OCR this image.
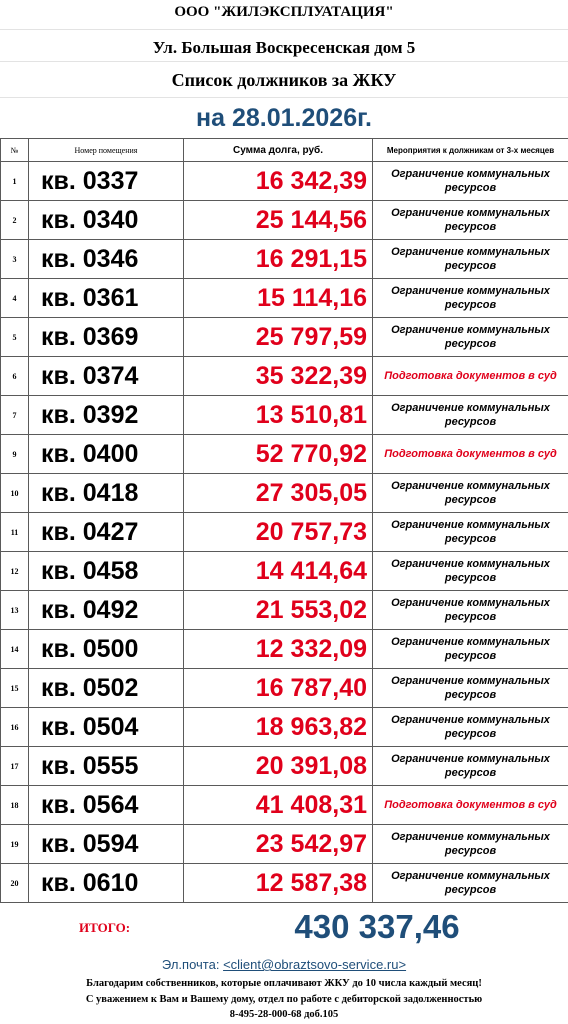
ООО "ЖИЛЭКСПЛУАТАЦИЯ"
Ул. Большая Воскресенская дом 5
Список должников за ЖКУ
на 28.01.2026г.
№	Номер помещения	Сумма долга, руб.	Мероприятия к должникам от 3-х месяцев
1	кв. 0337	16 342,39	Ограничение коммунальных ресурсов
2	кв. 0340	25 144,56	Ограничение коммунальных ресурсов
3	кв. 0346	16 291,15	Ограничение коммунальных ресурсов
4	кв. 0361	15 114,16	Ограничение коммунальных ресурсов
5	кв. 0369	25 797,59	Ограничение коммунальных ресурсов
6	кв. 0374	35 322,39	Подготовка документов в суд
7	кв. 0392	13 510,81	Ограничение коммунальных ресурсов
9	кв. 0400	52 770,92	Подготовка документов в суд
10	кв. 0418	27 305,05	Ограничение коммунальных ресурсов
11	кв. 0427	20 757,73	Ограничение коммунальных ресурсов
12	кв. 0458	14 414,64	Ограничение коммунальных ресурсов
13	кв. 0492	21 553,02	Ограничение коммунальных ресурсов
14	кв. 0500	12 332,09	Ограничение коммунальных ресурсов
15	кв. 0502	16 787,40	Ограничение коммунальных ресурсов
16	кв. 0504	18 963,82	Ограничение коммунальных ресурсов
17	кв. 0555	20 391,08	Ограничение коммунальных ресурсов
18	кв. 0564	41 408,31	Подготовка документов в суд
19	кв. 0594	23 542,97	Ограничение коммунальных ресурсов
20	кв. 0610	12 587,38	Ограничение коммунальных ресурсов
ИТОГО:	430 337,46
Эл.почта: <client@obraztsovo-service.ru>
Благодарим собственников, которые оплачивают ЖКУ до 10 числа каждый месяц!
С уважением к Вам и Вашему дому, отдел по работе с дебиторской задолженностью
8-495-28-000-68 доб.105
